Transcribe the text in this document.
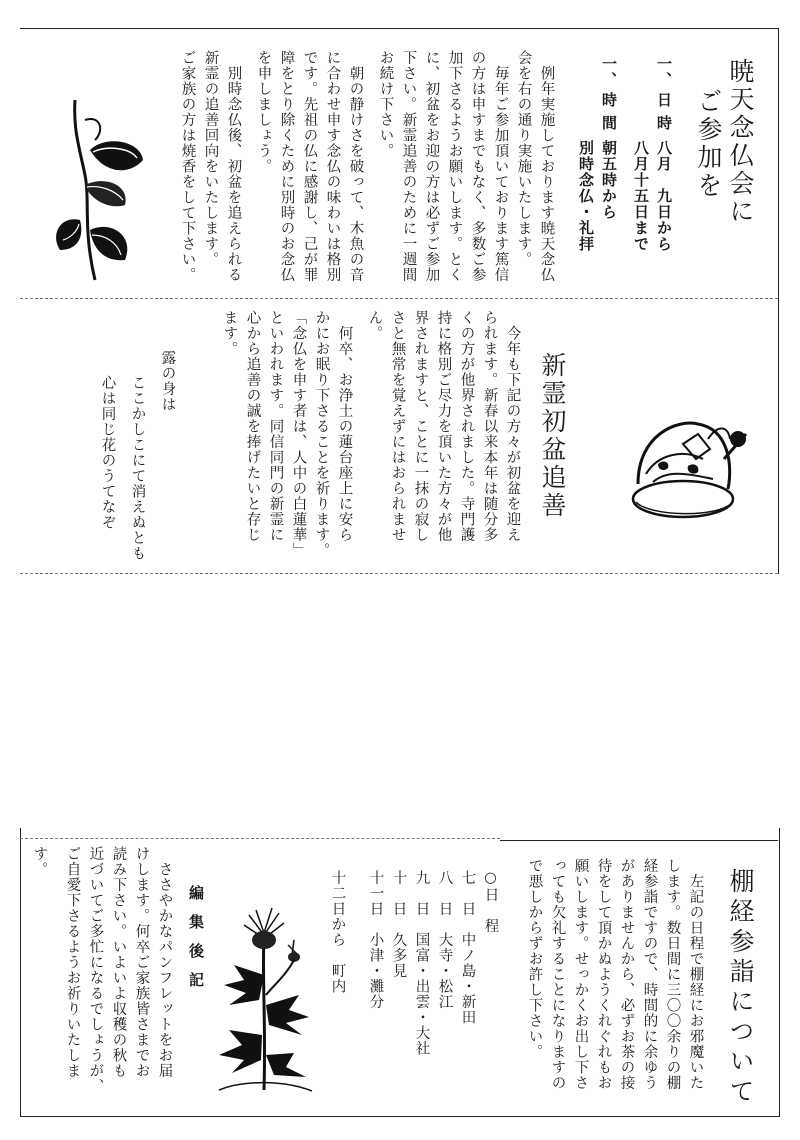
暁天念仏会に
ご参加を
一、
日時
八月　九日から
八月十五日まで
一、
時間
朝五時から
別時念仏・礼拝
　例年実施しております暁天念仏
会を右の通り実施いたします。
　毎年ご参加頂いております篤信
の方は申すまでもなく、多数ご参
加下さるようお願いします。とく
に、初盆をお迎の方は必ずご参加
下さい。新霊追善のために一週間
お続け下さい。
　朝の静けさを破って、木魚の音
に合わせ申す念仏の味わいは格別
です。先祖の仏に感謝し、己が罪
障をとり除くために別時のお念仏
を申しましょう。
　別時念仏後、初盆を追えられる
新霊の追善回向をいたします。
ご家族の方は焼香をして下さい。
新霊初盆追善
　今年も下記の方々が初盆を迎え
られます。新春以来本年は随分多
くの方が他界されました。寺門護
持に格別ご尽力を頂いた方々が他
界されますと、ことに一抹の寂し
さと無常を覚えずにはおられませ
ん。
　何卒、お浄土の蓮台座上に安ら
かにお眠り下さることを祈ります。
「念仏を申す者は、人中の白蓮華」
といわれます。同信同門の新霊に
心から追善の誠を捧げたいと存じ
ます。
露の身は
ここかしこにて消えぬとも
心は同じ花のうてなぞ
棚経参詣について
　左記の日程で棚経にお邪魔いた
します。数日間に三〇〇余りの棚
経参詣ですので、時間的に余ゆう
がありませんから、必ずお茶の接
待をして頂かぬようくれぐれもお
願いします。せっかくお出し下さ
っても欠礼することになりますの
で悪しからずお許し下さい。
○日　程
七　日　中ノ島・新田
八　日　大寺・松江
九　日　国富・出雲・大社
十　日　久多見
十一日　小津・灘分
十二日から　町内
編集後記
　ささやかなパンフレットをお届
けします。何卒ご家族皆さまでお
読み下さい。いよいよ収穫の秋も
近づいてご多忙になるでしょうが、
ご自愛下さるようお祈りいたしま
す。
